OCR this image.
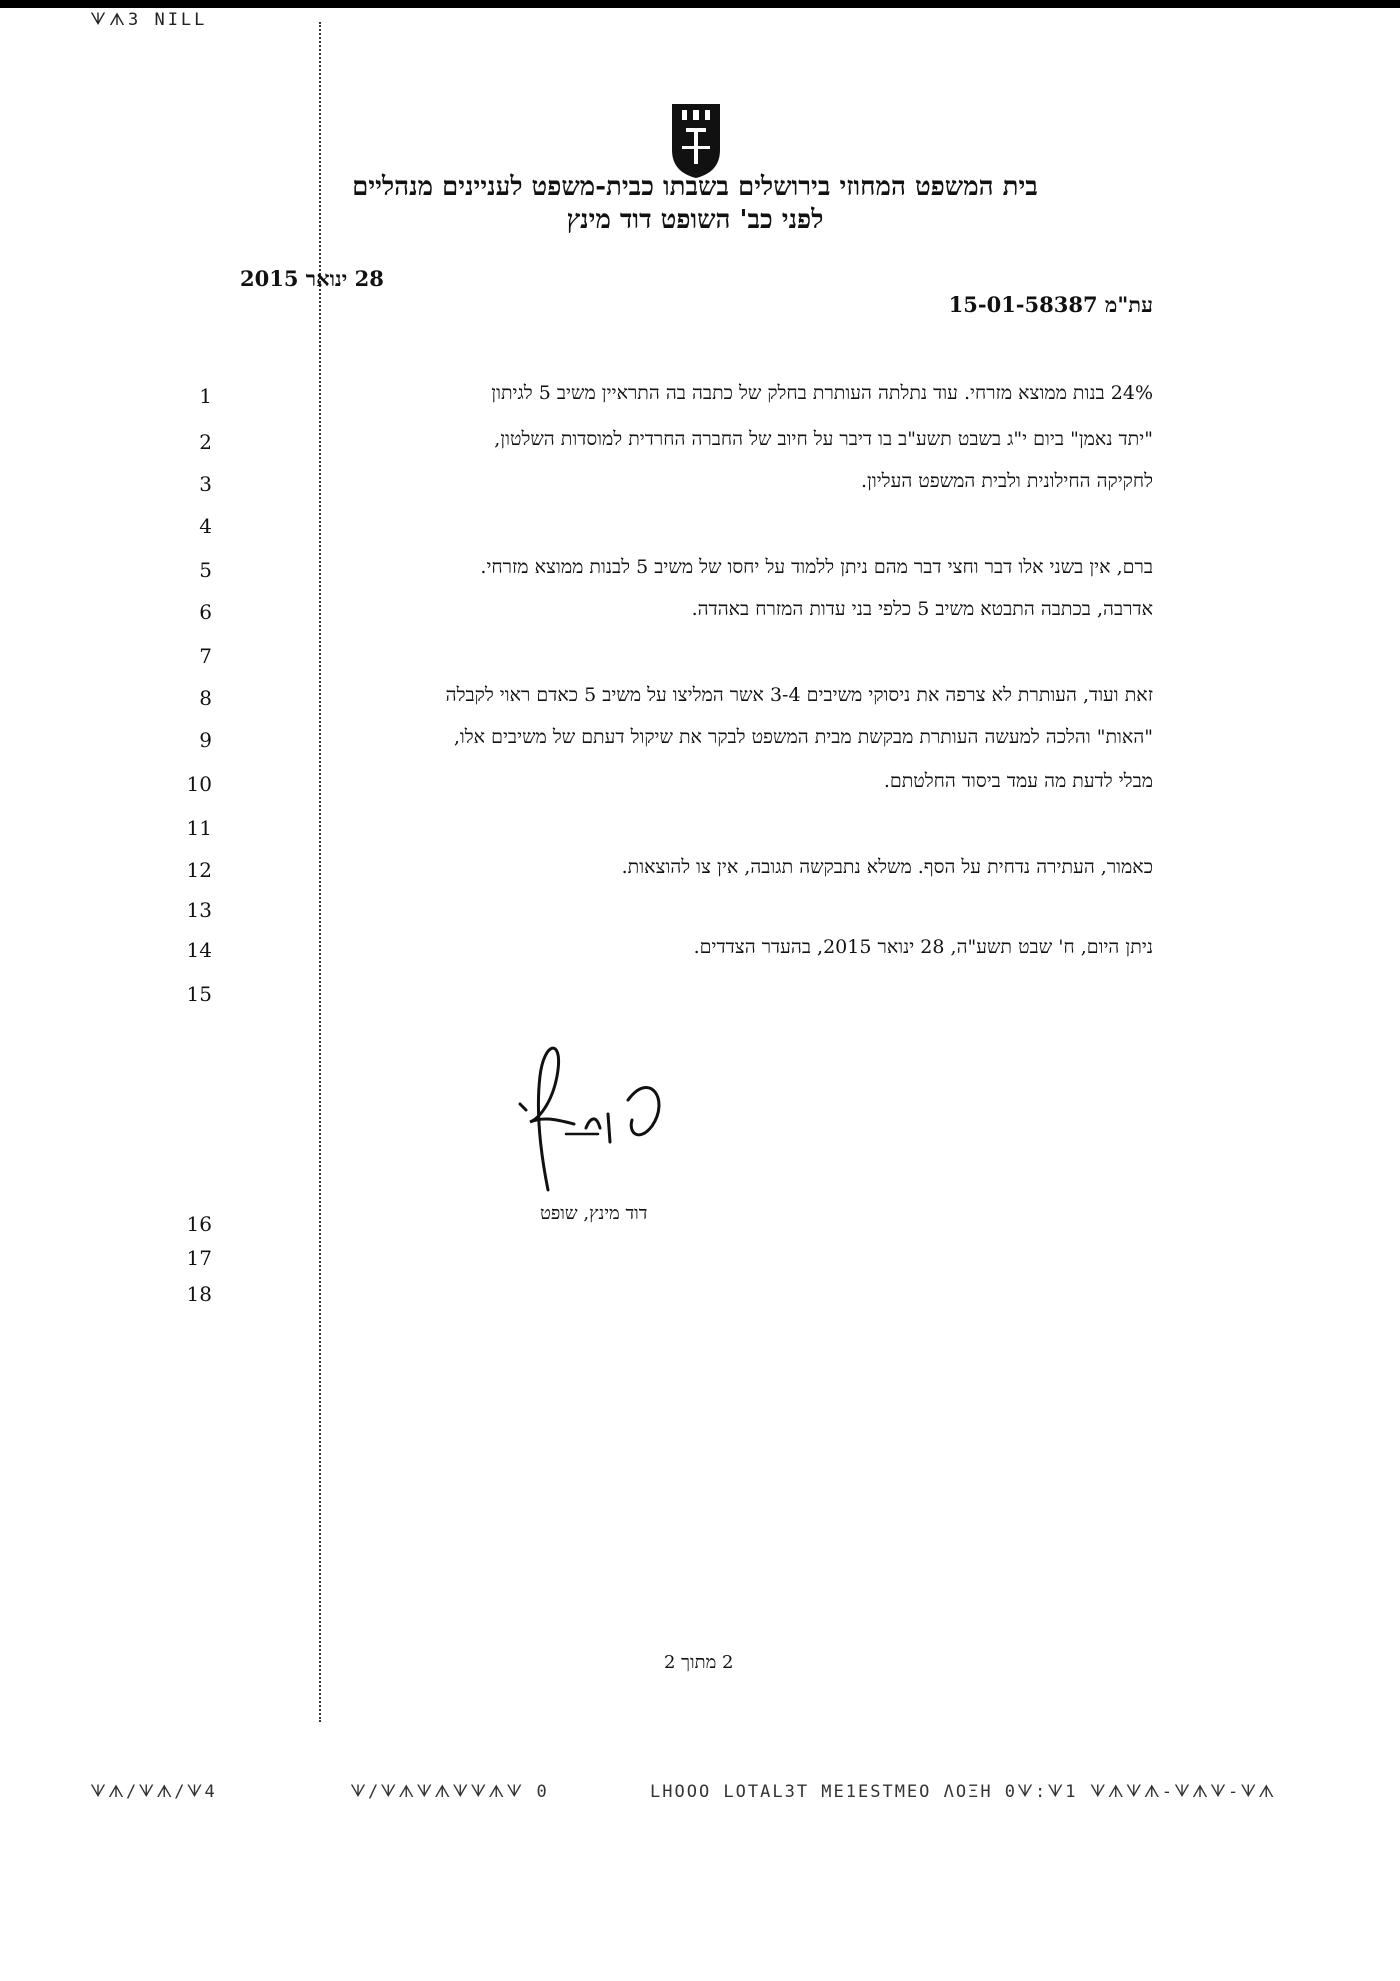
ᗐᗑ3 NILL
בית המשפט המחוזי בירושלים בשבתו כבית-משפט לעניינים מנהליים
לפני כב' השופט דוד מינץ
28 ינואר 2015
עת"מ 15-01-58387
1
2
3
4
5
6
7
8
9
10
11
12
13
14
15
16
17
18
24% בנות ממוצא מזרחי. עוד נתלתה העותרת בחלק של כתבה בה התראיין משיב 5 לגיתון
"יתד נאמן" ביום י"ג בשבט תשע"ב בו דיבר על חיוב של החברה החרדית למוסדות השלטון,
לחקיקה החילונית ולבית המשפט העליון.
ברם, אין בשני אלו דבר וחצי דבר מהם ניתן ללמוד על יחסו של משיב 5 לבנות ממוצא מזרחי.
אדרבה, בכתבה התבטא משיב 5 כלפי בני עדות המזרח באהדה.
זאת ועוד, העותרת לא צרפה את ניסוקי משיבים 3-4 אשר המליצו על משיב 5 כאדם ראוי לקבלה
"האות" והלכה למעשה העותרת מבקשת מבית המשפט לבקר את שיקול דעתם של משיבים אלו,
מבלי לדעת מה עמד ביסוד החלטתם.
כאמור, העתירה נדחית על הסף. משלא נתבקשה תגובה, אין צו להוצאות.
ניתן היום, ח' שבט תשע"ה, 28 ינואר 2015, בהעדר הצדדים.
דוד מינץ, שופט
2 מתוך 2
ᗐᗑ/ᗐᗑ/ᗐ4	ᗐ/ᗐᗑᗐᗑᗐᗐᗑᗐ 0	LHOOO LOTAL3T ME1ESTMEO ΛOΞH 0ᗐ:ᗐ1 ᗐᗑᗐᗑ-ᗐᗑᗐ-ᗐᗑ
